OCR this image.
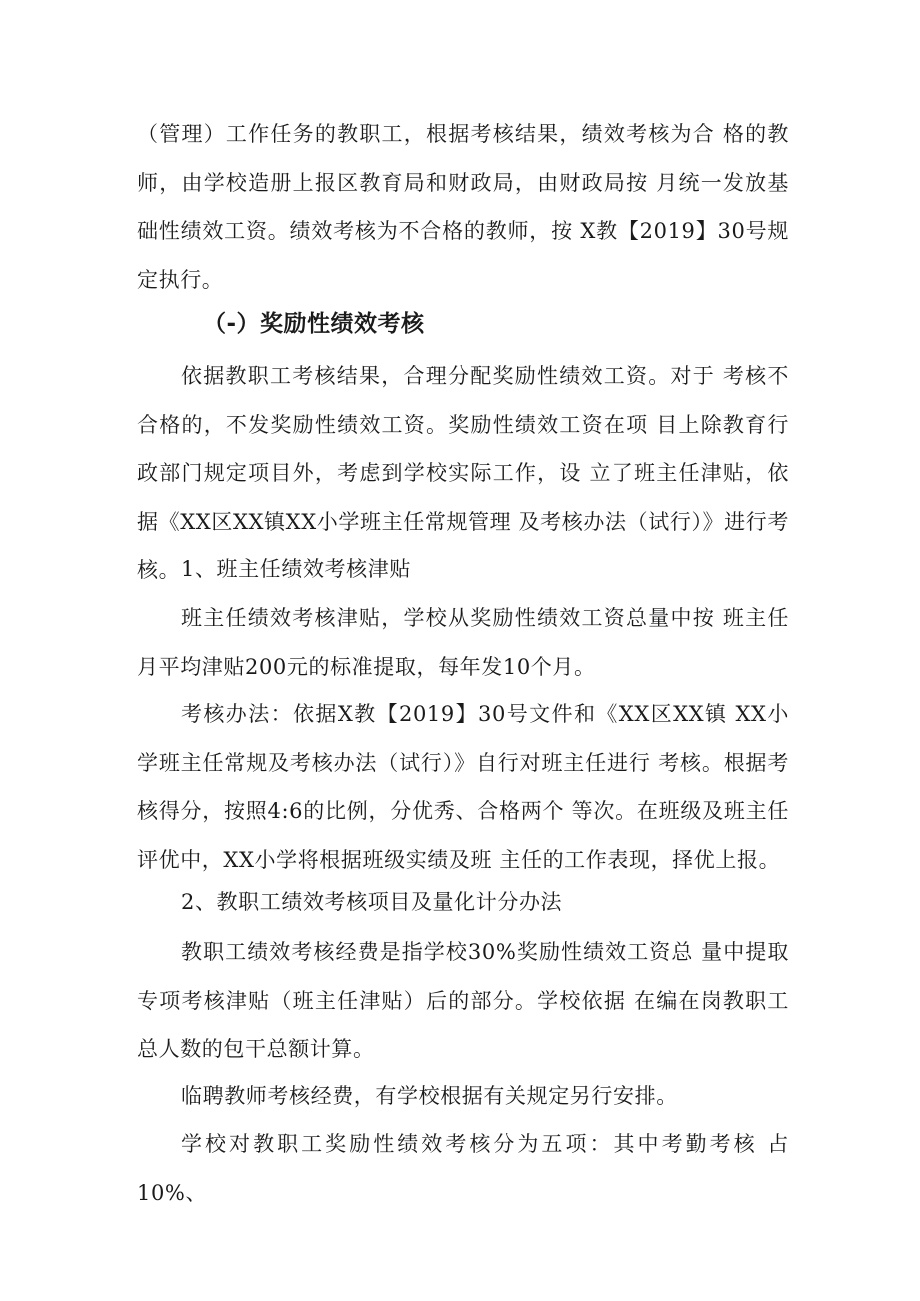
（管理）工作任务的教职工，根据考核结果，绩效考核为合 格的教师，由学校造册上报区教育局和财政局，由财政局按 月统一发放基础性绩效工资。绩效考核为不合格的教师，按 X教【2019】30号规定执行。

（-）奖励性绩效考核

依据教职工考核结果，合理分配奖励性绩效工资。对于 考核不合格的，不发奖励性绩效工资。奖励性绩效工资在项 目上除教育行政部门规定项目外，考虑到学校实际工作，设 立了班主任津贴，依据《XX区XX镇XX小学班主任常规管理 及考核办法（试行）》进行考核。 1、班主任绩效考核津贴

班主任绩效考核津贴，学校从奖励性绩效工资总量中按 班主任月平均津贴200元的标准提取，每年发10个月。

考核办法：依据X教【2019】30号文件和《XX区XX镇 XX小学班主任常规及考核办法（试行）》自行对班主任进行 考核。根据考核得分，按照4:6的比例，分优秀、合格两个 等次。在班级及班主任评优中，XX小学将根据班级实绩及班 主任的工作表现，择优上报。

2、教职工绩效考核项目及量化计分办法

教职工绩效考核经费是指学校30%奖励性绩效工资总 量中提取专项考核津贴（班主任津贴）后的部分。学校依据 在编在岗教职工总人数的包干总额计算。

临聘教师考核经费，有学校根据有关规定另行安排。

学校对教职工奖励性绩效考核分为五项：其中考勤考核 占10%、
